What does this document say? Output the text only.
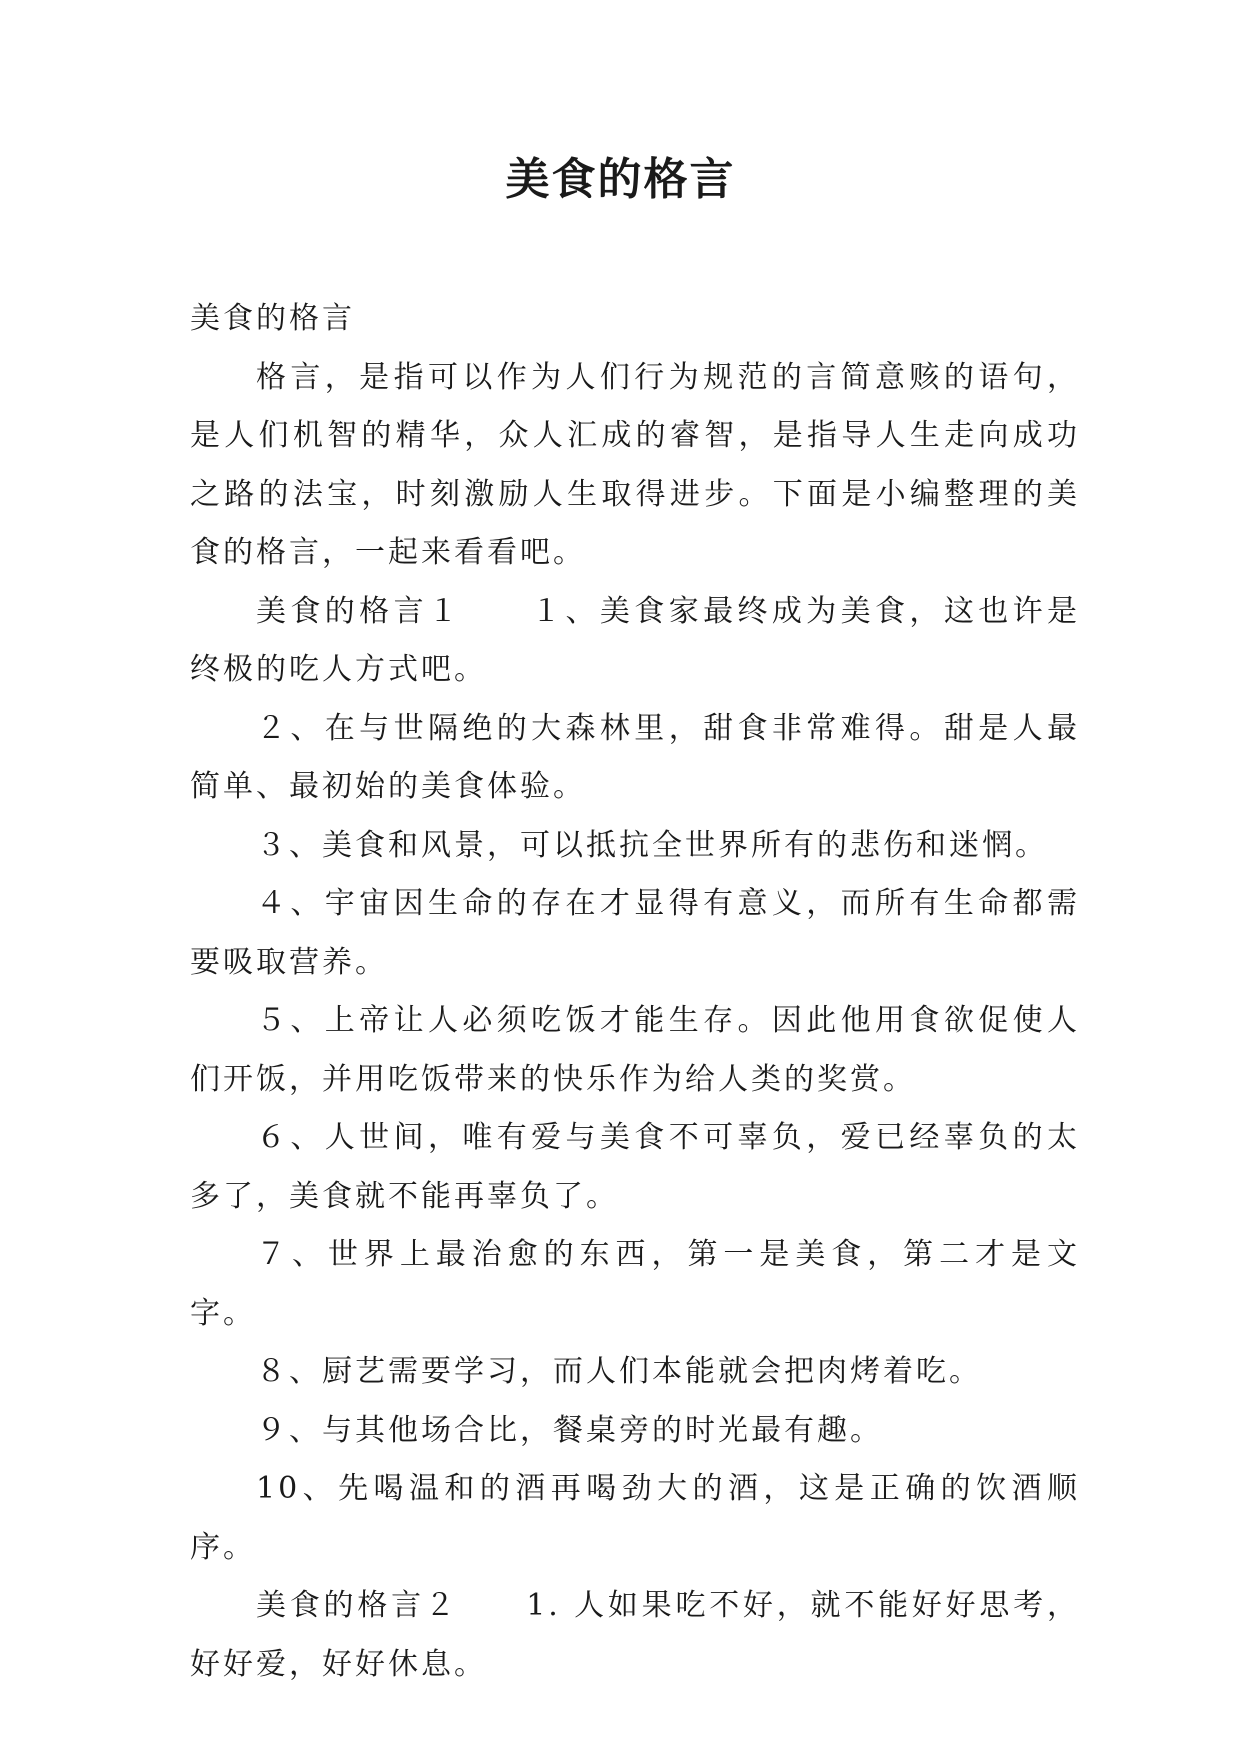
美食的格言

美食的格言

格言，是指可以作为人们行为规范的言简意赅的语句，是人们机智的精华，众人汇成的睿智，是指导人生走向成功之路的法宝，时刻激励人生取得进步。下面是小编整理的美食的格言，一起来看看吧。

美食的格言１　　１、美食家最终成为美食，这也许是终极的吃人方式吧。

２、在与世隔绝的大森林里，甜食非常难得。甜是人最简单、最初始的美食体验。

３、美食和风景，可以抵抗全世界所有的悲伤和迷惘。

４、宇宙因生命的存在才显得有意义，而所有生命都需要吸取营养。

５、上帝让人必须吃饭才能生存。因此他用食欲促使人们开饭，并用吃饭带来的快乐作为给人类的奖赏。

６、人世间，唯有爱与美食不可辜负，爱已经辜负的太多了，美食就不能再辜负了。

７、世界上最治愈的东西，第一是美食，第二才是文字。

８、厨艺需要学习，而人们本能就会把肉烤着吃。

９、与其他场合比，餐桌旁的时光最有趣。

10、先喝温和的酒再喝劲大的酒，这是正确的饮酒顺序。

美食的格言２　　1. 人如果吃不好，就不能好好思考，好好爱，好好休息。
